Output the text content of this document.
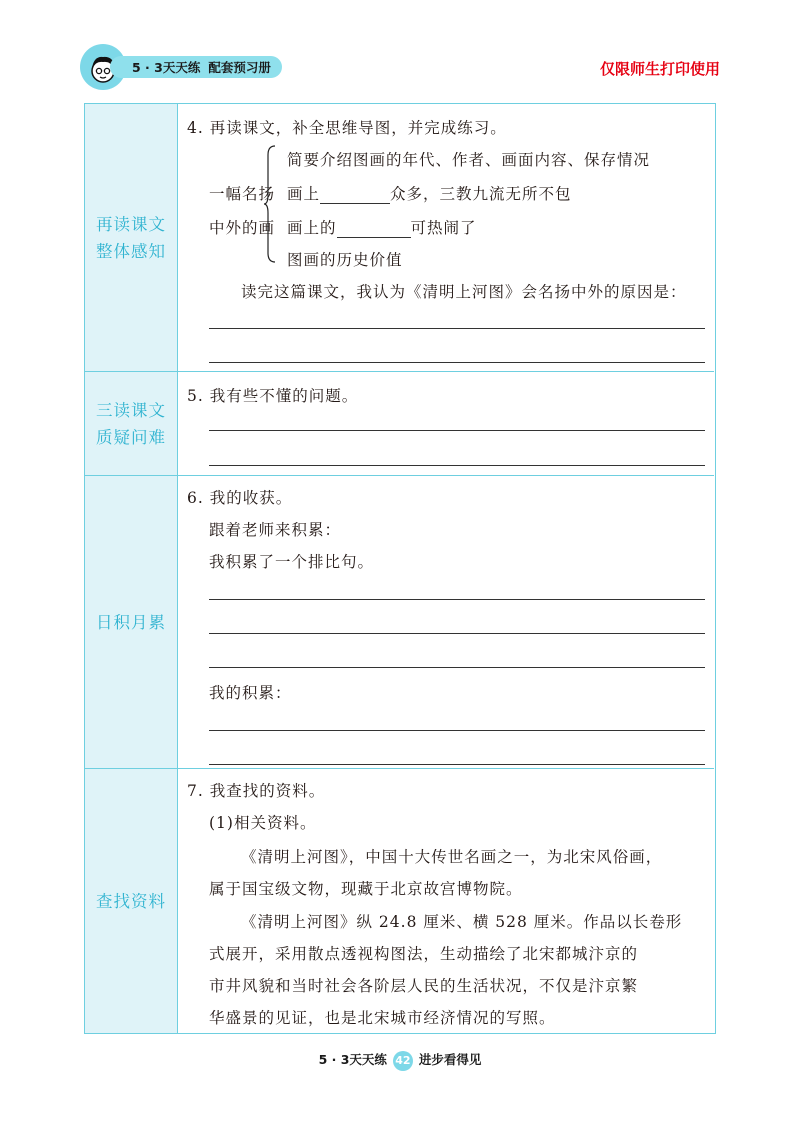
5 · 3天天练 配套预习册	仅限师生打印使用
再读课文
整体感知
4. 再读课文，补全思维导图，并完成练习。
一幅名扬
中外的画
简要介绍图画的年代、作者、画面内容、保存情况
画上	众多，三教九流无所不包
画上的	可热闹了
图画的历史价值
读完这篇课文，我认为《清明上河图》会名扬中外的原因是：
三读课文
质疑问难
5. 我有些不懂的问题。
日积月累
6. 我的收获。
跟着老师来积累：
我积累了一个排比句。
我的积累：
查找资料
7. 我查找的资料。
(1)相关资料。
《清明上河图》，中国十大传世名画之一，为北宋风俗画，
属于国宝级文物，现藏于北京故宫博物院。
《清明上河图》纵 24.8 厘米、横 528 厘米。作品以长卷形
式展开，采用散点透视构图法，生动描绘了北宋都城汴京的
市井风貌和当时社会各阶层人民的生活状况，不仅是汴京繁
华盛景的见证，也是北宋城市经济情况的写照。
5 · 3天天练 42 进步看得见
